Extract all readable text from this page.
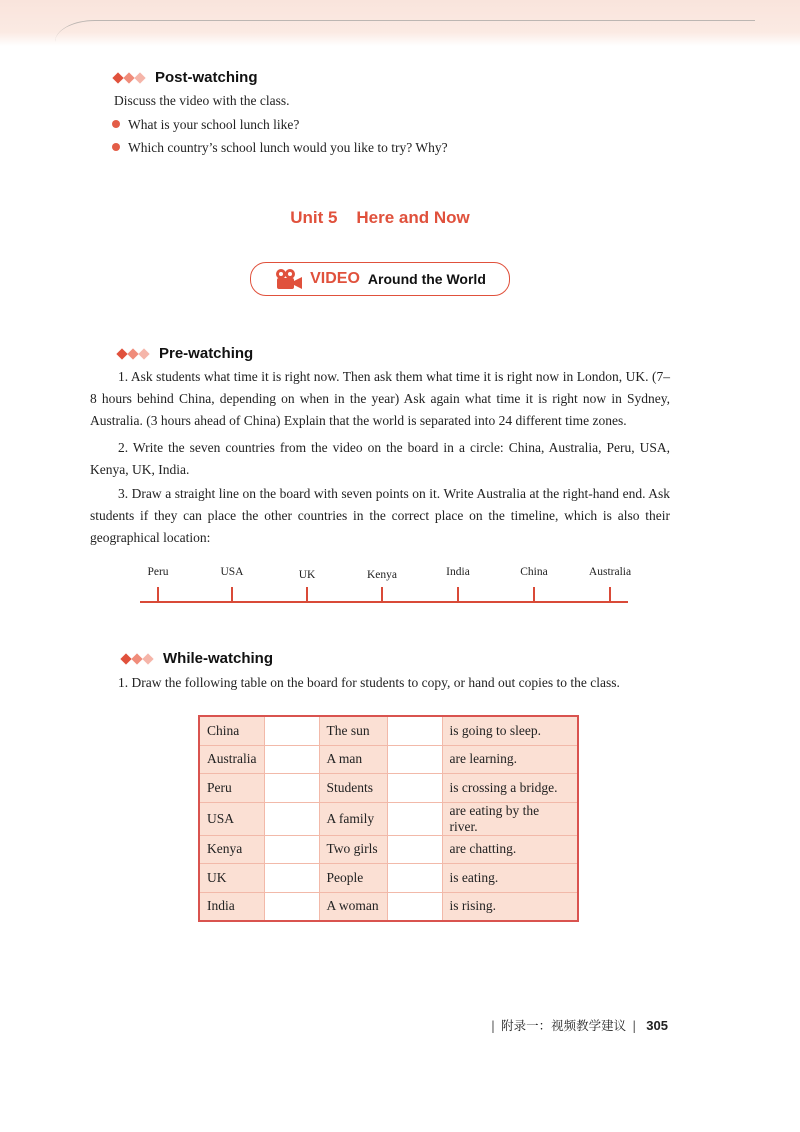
Post-watching

Discuss the video with the class.

What is your school lunch like?

Which country’s school lunch would you like to try? Why?

Unit 5    Here and Now
VIDEO Around the World
Pre-watching

1. Ask students what time it is right now. Then ask them what time it is right now in London, UK. (7–8 hours behind China, depending on when in the year) Ask again what time it is right now in Sydney, Australia. (3 hours ahead of China) Explain that the world is separated into 24 different time zones.

2. Write the seven countries from the video on the board in a circle: China, Australia, Peru, USA, Kenya, UK, India.

3. Draw a straight line on the board with seven points on it. Write Australia at the right-hand end. Ask students if they can place the other countries in the correct place on the timeline, which is also their geographical location:

Peru	USA	UK	Kenya	India	China	Australia
While-watching

1. Draw the following table on the board for students to copy, or hand out copies to the class.

China		The sun		is going to sleep.
Australia		A man		are learning.
Peru		Students		is crossing a bridge.
USA		A family		are eating by the river.
Kenya		Two girls		are chatting.
UK		People		is eating.
India		A woman		is rising.
| 附录一：视频教学建议 | 305
